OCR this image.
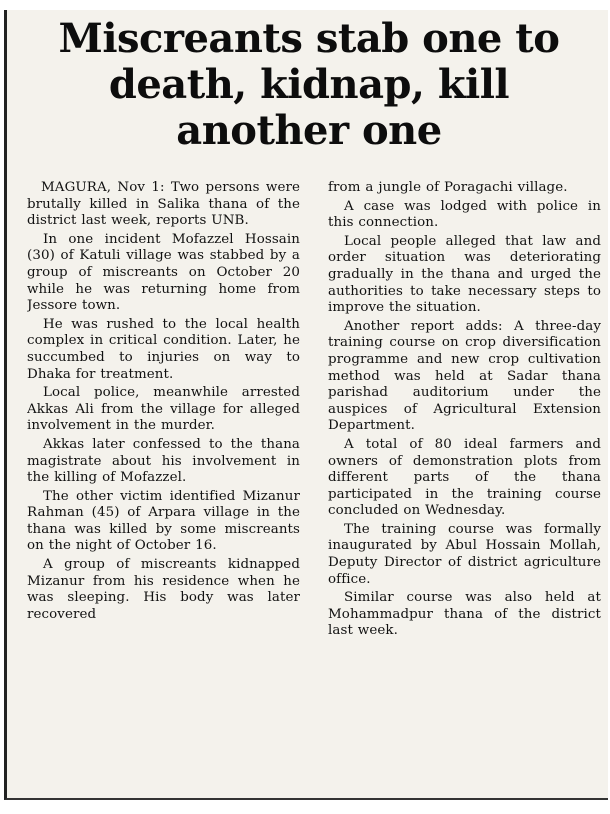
Miscreants stab one to death, kidnap, kill another one

MAGURA, Nov 1: Two persons were brutally killed in Salika thana of the district last week, reports UNB.

In one incident Mofazzel Hossain (30) of Katuli village was stabbed by a group of miscreants on October 20 while he was returning home from Jessore town.

He was rushed to the local health complex in critical condition. Later, he succumbed to injuries on way to Dhaka for treatment.

Local police, meanwhile arrested Akkas Ali from the village for alleged involvement in the murder.

Akkas later confessed to the thana magistrate about his involvement in the killing of Mofazzel.

The other victim identified Mizanur Rahman (45) of Arpara village in the thana was killed by some miscreants on the night of October 16.

A group of miscreants kidnapped Mizanur from his residence when he was sleeping. His body was later recovered

from a jungle of Poragachi village.

A case was lodged with police in this connection.

Local people alleged that law and order situation was deteriorating gradually in the thana and urged the authorities to take necessary steps to improve the situation.

Another report adds: A three-day training course on crop diversification programme and new crop cultivation method was held at Sadar thana parishad auditorium under the auspices of Agricultural Extension Department.

A total of 80 ideal farmers and owners of demonstration plots from different parts of the thana participated in the training course concluded on Wednesday.

The training course was formally inaugurated by Abul Hossain Mollah, Deputy Director of district agriculture office.

Similar course was also held at Mohammadpur thana of the district last week.
